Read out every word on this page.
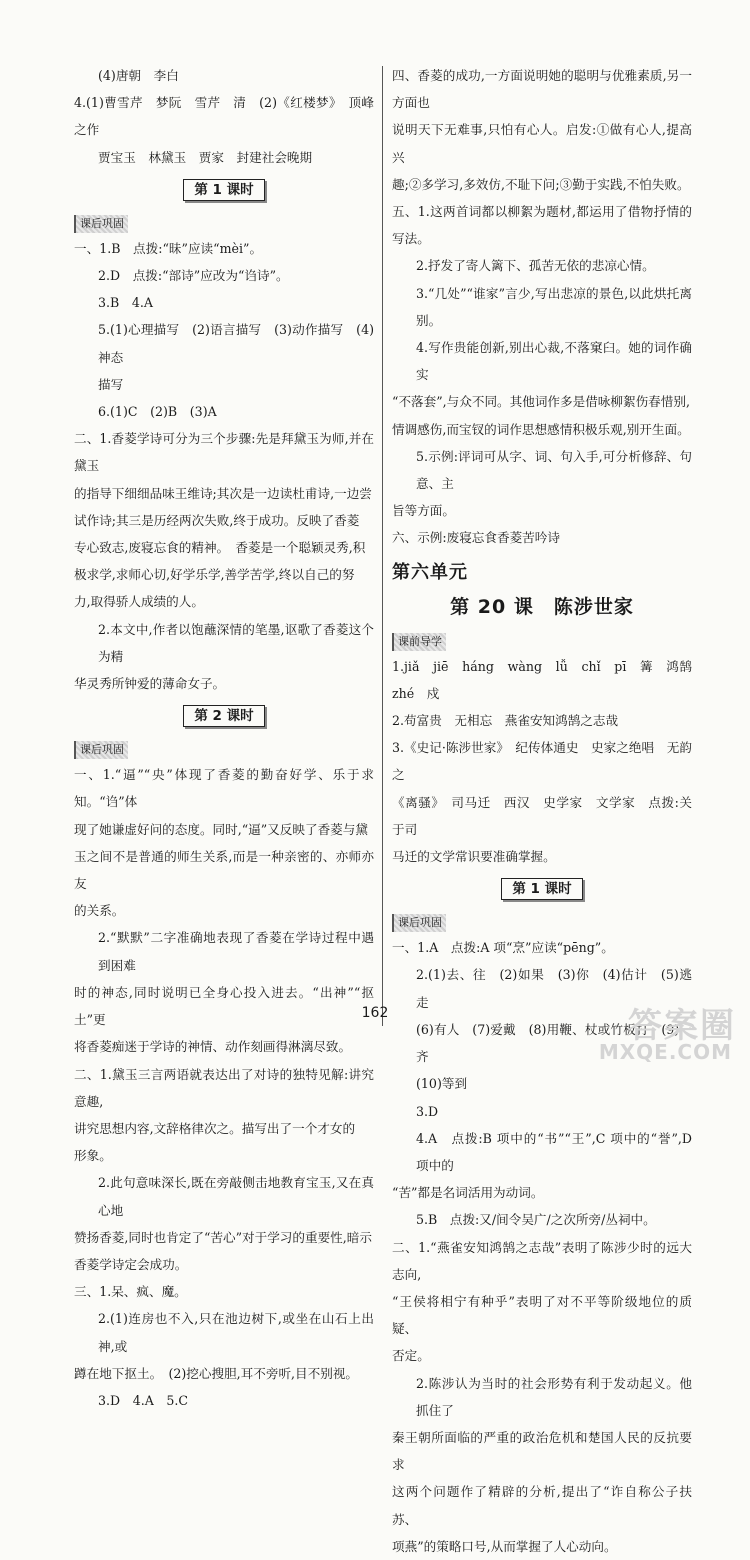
(4)唐朝　李白

4.(1)曹雪芹　梦阮　雪芹　清　(2)《红楼梦》　顶峰之作

贾宝玉　林黛玉　贾家　封建社会晚期

第 1 课时
课后巩固

一、1.B　点拨:“昧”应读“mèi”。

2.D　点拨:“部诗”应改为“诌诗”。

3.B　4.A

5.(1)心理描写　(2)语言描写　(3)动作描写　(4)神态

描写

6.(1)C　(2)B　(3)A

二、1.香菱学诗可分为三个步骤:先是拜黛玉为师,并在黛玉

的指导下细细品味王维诗;其次是一边读杜甫诗,一边尝

试作诗;其三是历经两次失败,终于成功。反映了香菱

专心致志,废寝忘食的精神。　香菱是一个聪颖灵秀,积

极求学,求师心切,好学乐学,善学苦学,终以自己的努

力,取得骄人成绩的人。

2.本文中,作者以饱蘸深情的笔墨,讴歌了香菱这个为精

华灵秀所钟爱的薄命女子。

第 2 课时
课后巩固

一、1.“逼”“央”体现了香菱的勤奋好学、乐于求知。“诌”体

现了她谦虚好问的态度。同时,“逼”又反映了香菱与黛

玉之间不是普通的师生关系,而是一种亲密的、亦师亦友

的关系。

2.“默默”二字准确地表现了香菱在学诗过程中遇到困难

时的神态,同时说明已全身心投入进去。“出神”“抠土”更

将香菱痴迷于学诗的神情、动作刻画得淋漓尽致。

二、1.黛玉三言两语就表达出了对诗的独特见解:讲究意趣,

讲究思想内容,文辞格律次之。描写出了一个才女的

形象。

2.此句意味深长,既在旁敲侧击地教育宝玉,又在真心地

赞扬香菱,同时也肯定了“苦心”对于学习的重要性,暗示

香菱学诗定会成功。

三、1.呆、疯、魔。

2.(1)连房也不入,只在池边树下,或坐在山石上出神,或

蹲在地下抠土。　(2)挖心搜胆,耳不旁听,目不别视。

3.D　4.A　5.C

四、香菱的成功,一方面说明她的聪明与优雅素质,另一方面也

说明天下无难事,只怕有心人。启发:①做有心人,提高兴

趣;②多学习,多效仿,不耻下问;③勤于实践,不怕失败。

五、1.这两首词都以柳絮为题材,都运用了借物抒情的写法。

2.抒发了寄人篱下、孤苦无依的悲凉心情。

3.“几处”“谁家”言少,写出悲凉的景色,以此烘托离别。

4.写作贵能创新,别出心裁,不落窠臼。她的词作确实

“不落套”,与众不同。其他词作多是借咏柳絮伤春惜别,

情调感伤,而宝钗的词作思想感情积极乐观,别开生面。

5.示例:评词可从字、词、句入手,可分析修辞、句意、主

旨等方面。

六、示例:废寝忘食香菱苦吟诗

第六单元
第 20 课　陈涉世家
课前导学

1.jiǎ　jiē　háng　wàng　lǚ　chǐ　pī　篝　鸿鹄　zhé　戍

2.苟富贵　无相忘　燕雀安知鸿鹄之志哉

3.《史记·陈涉世家》　纪传体通史　史家之绝唱　无韵之

《离骚》　司马迁　西汉　史学家　文学家　点拨:关于司

马迁的文学常识要准确掌握。

第 1 课时
课后巩固

一、1.A　点拨:A 项“烹”应读“pēng”。

2.(1)去、往　(2)如果　(3)你　(4)估计　(5)逃走

(6)有人　(7)爱戴　(8)用鞭、杖或竹板打　(9)一齐

(10)等到

3.D

4.A　点拨:B 项中的“书”“王”,C 项中的“誉”,D 项中的

“苦”都是名词活用为动词。

5.B　点拨:又/间令吴广/之次所旁/丛祠中。

二、1.“燕雀安知鸿鹄之志哉”表明了陈涉少时的远大志向,

“王侯将相宁有种乎”表明了对不平等阶级地位的质疑、

否定。

2.陈涉认为当时的社会形势有利于发动起义。他抓住了

秦王朝所面临的严重的政治危机和楚国人民的反抗要求

这两个问题作了精辟的分析,提出了“诈自称公子扶苏、

项燕”的策略口号,从而掌握了人心动向。

162	答案圈
MXQE.COM
